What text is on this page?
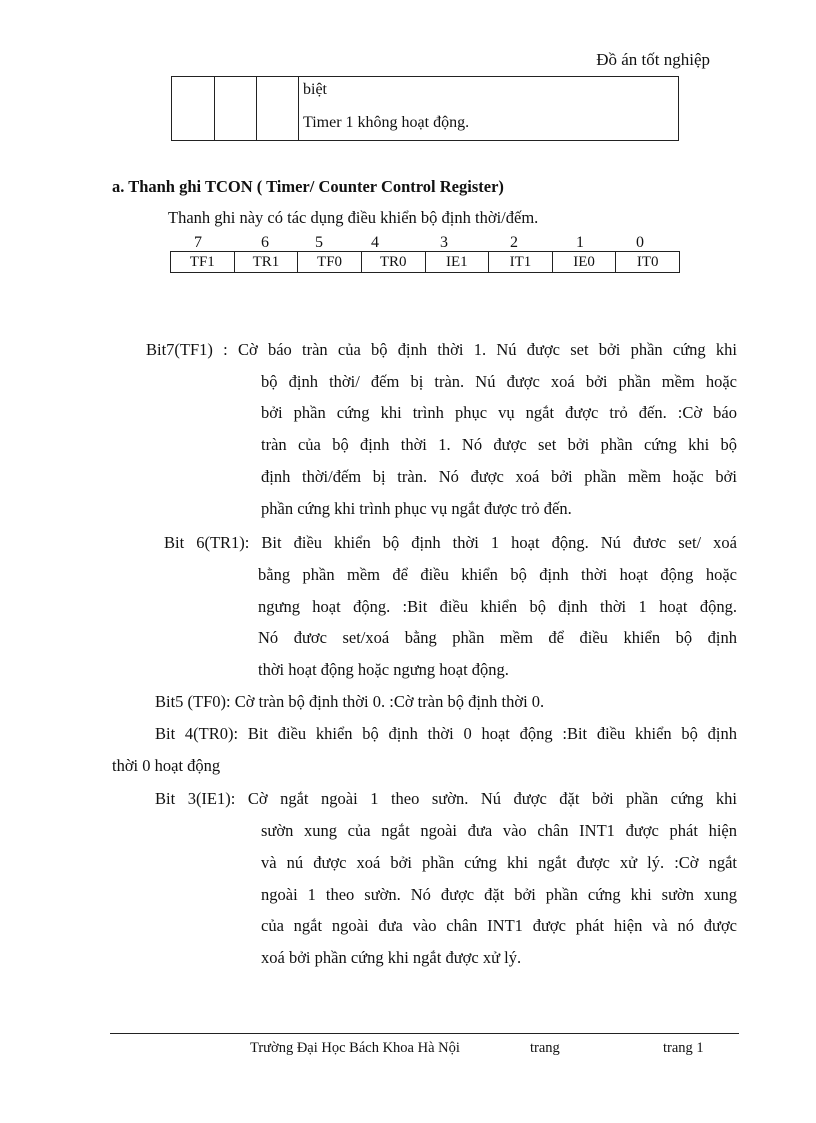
Đồ án tốt nghiệp
biệt
Timer 1 không hoạt động.
a. Thanh ghi TCON ( Timer/ Counter Control Register)
Thanh ghi này có tác dụng điều khiển bộ định thời/đếm.
7	6	5	4	3	2	1	0
TF1	TR1	TF0	TR0	IE1	IT1	IE0	IT0
Bit7(TF1) : Cờ báo tràn của bộ định thời 1. Nú được set bởi phần cứng khi
bộ định thời/ đếm bị tràn. Nú được xoá bởi phần mềm hoặc
bởi phần cứng khi trình phục vụ ngắt được trỏ đến. :Cờ báo
tràn của bộ định thời 1. Nó được set bởi phần cứng khi bộ
định thời/đếm bị tràn. Nó được xoá bởi phần mềm hoặc bởi
phần cứng khi trình phục vụ ngắt được trỏ đến.
Bit 6(TR1): Bit điều khiển bộ định thời 1 hoạt động. Nú đươc set/ xoá
bằng phần mềm để điều khiển bộ định thời hoạt động hoặc
ngưng hoạt động. :Bit điều khiển bộ định thời 1 hoạt động.
Nó đươc set/xoá bằng phần mềm để điều khiển bộ định
thời hoạt động hoặc ngưng hoạt động.
Bit5 (TF0): Cờ tràn bộ định thời 0. :Cờ tràn bộ định thời 0.
Bit 4(TR0): Bit điều khiển bộ định thời 0 hoạt động :Bit điều khiển bộ định
thời 0 hoạt động
Bit 3(IE1): Cờ ngắt ngoài 1 theo sườn. Nú được đặt bởi phần cứng khi
sườn xung của ngắt ngoài đưa vào chân INT1 được phát hiện
và nú được xoá bởi phần cứng khi ngắt được xử lý. :Cờ ngắt
ngoài 1 theo sườn. Nó được đặt bởi phần cứng khi sườn xung
của ngắt ngoài đưa vào chân INT1 được phát hiện và nó được
xoá bởi phần cứng khi ngắt được xử lý.
Trường Đại Học Bách Khoa Hà Nội	trang	trang 1
